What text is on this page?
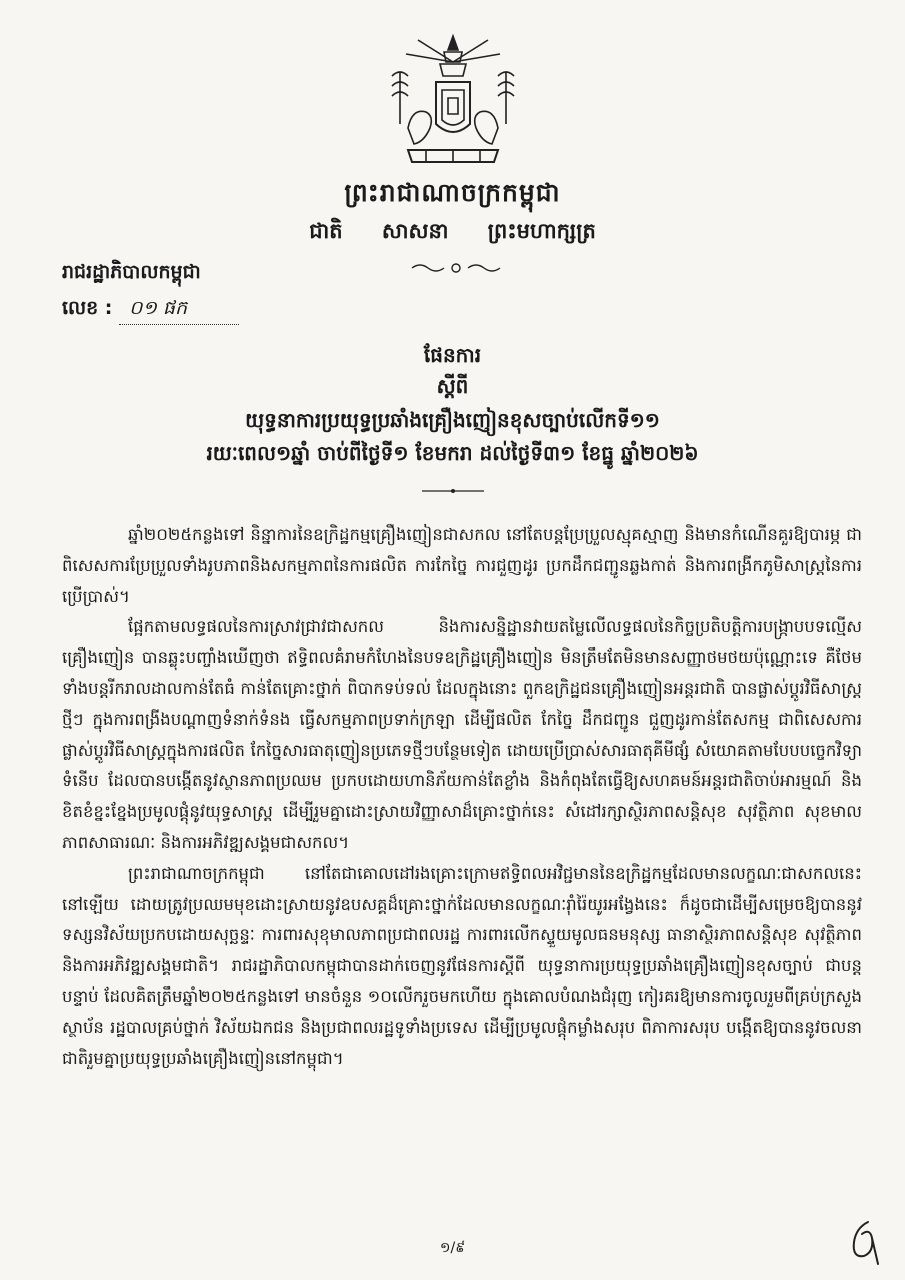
ព្រះរាជាណាចក្រកម្ពុជា
ជាតិ សាសនា ព្រះមហាក្សត្រ
រាជរដ្ឋាភិបាលកម្ពុជា
លេខ : ០១ ផក
ផែនការ
ស្តីពី
យុទ្ធនាការប្រយុទ្ធប្រឆាំងគ្រឿងញៀនខុសច្បាប់លើកទី១១
រយៈពេល១ឆ្នាំ ចាប់ពីថ្ងៃទី១ ខែមករា ដល់ថ្ងៃទី៣១ ខែធ្នូ ឆ្នាំ២០២៦

ឆ្នាំ២០២៥កន្លងទៅ និន្នាការនៃឧក្រិដ្ឋកម្មគ្រឿងញៀនជាសកល នៅតែបន្តប្រែប្រួលស្មុគស្មាញ និងមានកំណើនគួរឱ្យបារម្ភ ជាពិសេសការប្រែប្រួលទាំងរូបភាពនិងសកម្មភាពនៃការផលិត ការកែច្នៃ ការជួញដូរ ប្រកដឹកជញ្ជូនឆ្លងកាត់ និងការពង្រីកភូមិសាស្ត្រនៃការប្រើប្រាស់។

ផ្អែកតាមលទ្ធផលនៃការស្រាវជ្រាវជាសកល និងការសន្និដ្ឋានវាយតម្លៃលើលទ្ធផលនៃកិច្ចប្រតិបត្តិការបង្ក្រាបបទល្មើសគ្រឿងញៀន បានឆ្លុះបញ្ចាំងឃើញថា ឥទ្ធិពលគំរាមកំហែងនៃបទឧក្រិដ្ឋគ្រឿងញៀន មិនត្រឹមតែមិនមានសញ្ញាថមថយប៉ុណ្ណោះទេ គឺថែមទាំងបន្តរីករាលដាលកាន់តែធំ កាន់តែគ្រោះថ្នាក់ ពិបាកទប់ទល់ ដែលក្នុងនោះ ពួកឧក្រិដ្ឋជនគ្រឿងញៀនអន្តរជាតិ បានផ្លាស់ប្តូរវិធីសាស្ត្រថ្មីៗ ក្នុងការពង្រីងបណ្តាញទំនាក់ទំនង ធ្វើសកម្មភាពប្រទាក់ក្រឡា ដើម្បីផលិត កែច្នៃ ដឹកជញ្ជូន ជួញដូរកាន់តែសកម្ម ជាពិសេសការផ្លាស់ប្តូរវិធីសាស្ត្រក្នុងការផលិត កែច្នៃសារធាតុញៀនប្រភេទថ្មីៗបន្ថែមទៀត ដោយប្រើប្រាស់សារធាតុគីមីផ្សំ សំយោគតាមបែបបច្ចេកវិទ្យាទំនើប ដែលបានបង្កើតនូវស្ថានភាពប្រឈម ប្រកបដោយហានិភ័យកាន់តែខ្លាំង និងកំពុងតែធ្វើឱ្យសហគមន៍អន្តរជាតិចាប់អារម្មណ៍ និងខិតខំខ្នះខ្នែងប្រមូលផ្តុំនូវយុទ្ធសាស្ត្រ ដើម្បីរួមគ្នាដោះស្រាយវិញ្ញាសាដ៏គ្រោះថ្នាក់នេះ សំដៅរក្សាស្ថិរភាពសន្តិសុខ សុវត្ថិភាព សុខមាលភាពសាធារណៈ និងការអភិវឌ្ឍសង្គមជាសកល។

ព្រះរាជាណាចក្រកម្ពុជា នៅតែជាគោលដៅរងគ្រោះក្រោមឥទ្ធិពលអវិជ្ជមាននៃឧក្រិដ្ឋកម្មដែលមានលក្ខណៈជាសកលនេះនៅឡើយ ដោយត្រូវប្រឈមមុខដោះស្រាយនូវឧបសគ្គដ៏គ្រោះថ្នាក់ដែលមានលក្ខណៈរ៉ាំរ៉ៃយូរអង្វែងនេះ ក៏ដូចជាដើម្បីសម្រេចឱ្យបាននូវទស្សនវិស័យប្រកបដោយសុច្ឆន្ទៈ ការពារសុខុមាលភាពប្រជាពលរដ្ឋ ការពារលើកស្ទួយមូលធនមនុស្ស ធានាស្ថិរភាពសន្តិសុខ សុវត្ថិភាព និងការអភិវឌ្ឍសង្គមជាតិ។ រាជរដ្ឋាភិបាលកម្ពុជាបានដាក់ចេញនូវផែនការស្តីពី យុទ្ធនាការប្រយុទ្ធប្រឆាំងគ្រឿងញៀនខុសច្បាប់ ជាបន្តបន្ទាប់ ដែលគិតត្រឹមឆ្នាំ២០២៥កន្លងទៅ មានចំនួន ១០លើករួចមកហើយ ក្នុងគោលបំណងជំរុញ កៀរគរឱ្យមានការចូលរួមពីគ្រប់ក្រសួង ស្ថាប័ន រដ្ឋបាលគ្រប់ថ្នាក់ វិស័យឯកជន និងប្រជាពលរដ្ឋទូទាំងប្រទេស ដើម្បីប្រមូលផ្តុំកម្លាំងសរុប ពិភាការសរុប បង្កើតឱ្យបាននូវចលនាជាតិរួមគ្នាប្រយុទ្ធប្រឆាំងគ្រឿងញៀននៅកម្ពុជា។

១/៩
